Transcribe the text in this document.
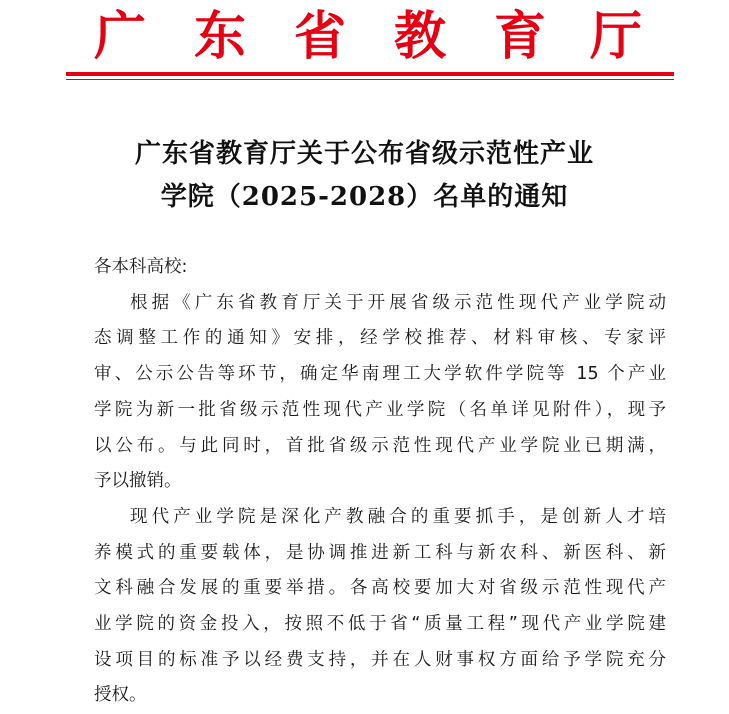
广 东 省 教 育 厅
广东省教育厅关于公布省级示范性产业
学院（2025-2028）名单的通知

各本科高校:

根据《广东省教育厅关于开展省级示范性现代产业学院动

态调整工作的通知》安排，经学校推荐、材料审核、专家评

审、公示公告等环节，确定华南理工大学软件学院等 15 个产业

学院为新一批省级示范性现代产业学院（名单详见附件），现予

以公布。与此同时，首批省级示范性现代产业学院业已期满，

予以撤销。

现代产业学院是深化产教融合的重要抓手，是创新人才培

养模式的重要载体，是协调推进新工科与新农科、新医科、新

文科融合发展的重要举措。各高校要加大对省级示范性现代产

业学院的资金投入，按照不低于省“质量工程”现代产业学院建

设项目的标准予以经费支持，并在人财事权方面给予学院充分

授权。
